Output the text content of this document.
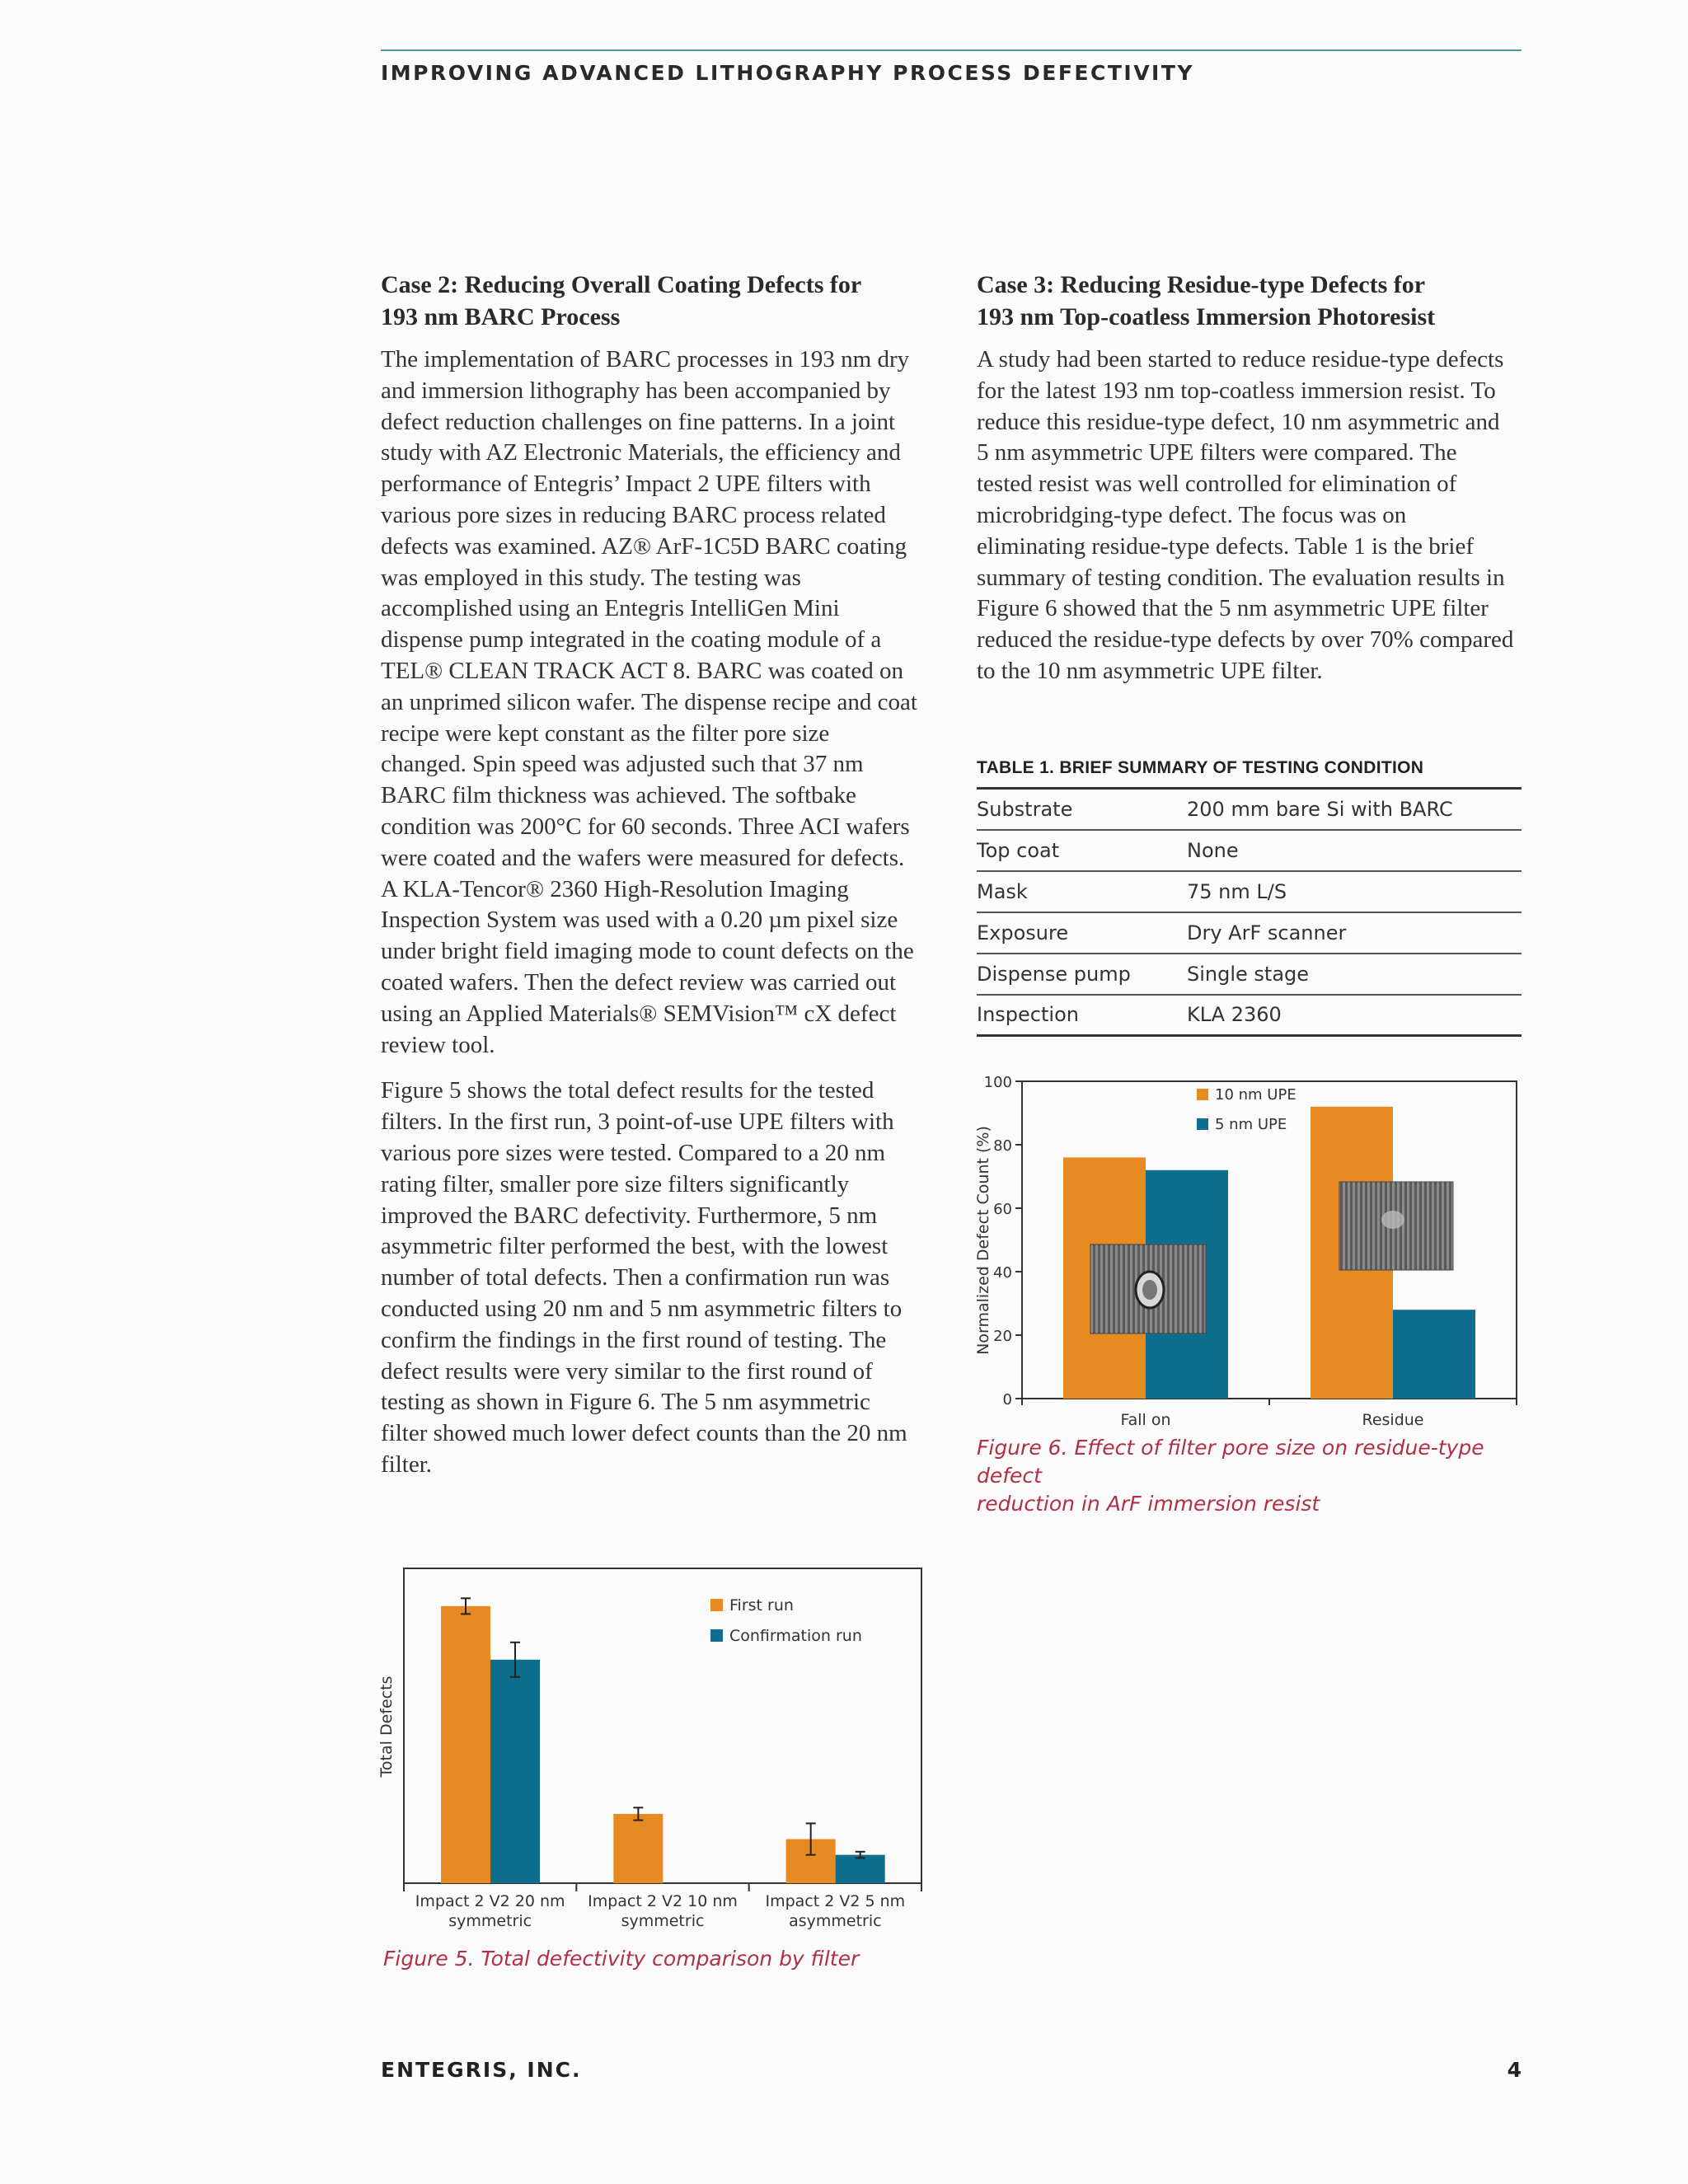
IMPROVING ADVANCED LITHOGRAPHY PROCESS DEFECTIVITY
Case 2: Reducing Overall Coating Defects for
193 nm BARC Process

The implementation of BARC processes in 193 nm dry and immersion lithography has been accompanied by defect reduction challenges on fine patterns. In a joint study with AZ Electronic Materials, the efficiency and performance of Entegris’ Impact 2 UPE filters with various pore sizes in reducing BARC process related defects was examined. AZ® ArF-1C5D BARC coating was employed in this study. The testing was accomplished using an Entegris IntelliGen Mini dispense pump integrated in the coating module of a TEL® CLEAN TRACK ACT 8. BARC was coated on an unprimed silicon wafer. The dispense recipe and coat recipe were kept constant as the filter pore size changed. Spin speed was adjusted such that 37 nm BARC film thickness was achieved. The softbake condition was 200°C for 60 seconds. Three ACI wafers were coated and the wafers were measured for defects. A KLA-Tencor® 2360 High-Resolution Imaging Inspection System was used with a 0.20 µm pixel size under bright field imaging mode to count defects on the coated wafers. Then the defect review was carried out using an Applied Materials® SEMVision™ cX defect review tool.

Figure 5 shows the total defect results for the tested filters. In the first run, 3 point-of-use UPE filters with various pore sizes were tested. Compared to a 20 nm rating filter, smaller pore size filters significantly improved the BARC defectivity. Furthermore, 5 nm asymmetric filter performed the best, with the lowest number of total defects. Then a confirmation run was conducted using 20 nm and 5 nm asymmetric filters to confirm the findings in the first round of testing. The defect results were very similar to the first round of testing as shown in Figure 6. The 5 nm asymmetric filter showed much lower defect counts than the 20 nm filter.

Case 3: Reducing Residue-type Defects for
193 nm Top-coatless Immersion Photoresist

A study had been started to reduce residue-type defects for the latest 193 nm top-coatless immersion resist. To reduce this residue-type defect, 10 nm asymmetric and 5 nm asymmetric UPE filters were compared. The tested resist was well controlled for elimination of microbridging-type defect. The focus was on eliminating residue-type defects. Table 1 is the brief summary of testing condition. The evaluation results in Figure 6 showed that the 5 nm asymmetric UPE filter reduced the residue-type defects by over 70% compared to the 10 nm asymmetric UPE filter.

TABLE 1. BRIEF SUMMARY OF TESTING CONDITION
Substrate	200 mm bare Si with BARC
Top coat	None
Mask	75 nm L/S
Exposure	Dry ArF scanner
Dispense pump	Single stage
Inspection	KLA 2360
0
20
40
60
80
100
10 nm UPE
5 nm UPE
Normalized Defect Count (%)
Fall on	Residue
Figure 6. Effect of filter pore size on residue-type defect
reduction in ArF immersion resist
First run
Confirmation run
Total Defects
Impact 2 V2 20 nm
symmetric
Impact 2 V2 10 nm
symmetric
Impact 2 V2 5 nm
asymmetric
Figure 5. Total defectivity comparison by filter
ENTEGRIS, INC.	4
